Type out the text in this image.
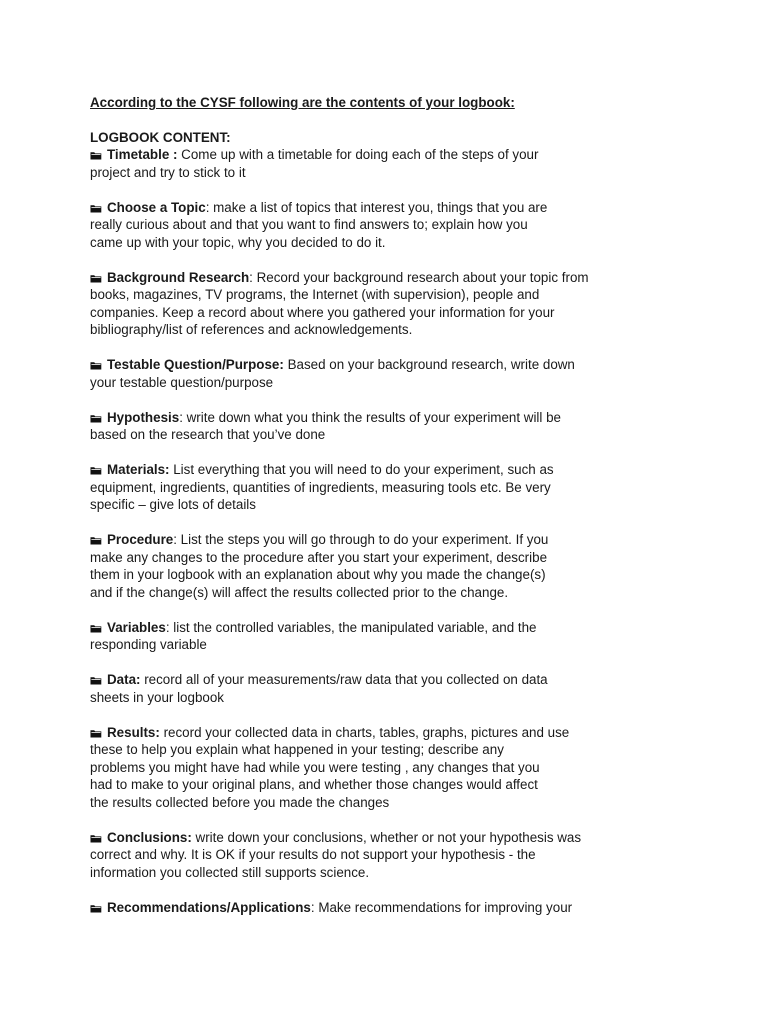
According to the CYSF following are the contents of your logbook:

LOGBOOK CONTENT:

Timetable : Come up with a timetable for doing each of the steps of your
project and try to stick to it
Choose a Topic: make a list of topics that interest you, things that you are
really curious about and that you want to find answers to; explain how you
came up with your topic, why you decided to do it.
Background Research: Record your background research about your topic from
books, magazines, TV programs, the Internet (with supervision), people and
companies. Keep a record about where you gathered your information for your
bibliography/list of references and acknowledgements.
Testable Question/Purpose: Based on your background research, write down
your testable question/purpose
Hypothesis: write down what you think the results of your experiment will be
based on the research that you’ve done
Materials: List everything that you will need to do your experiment, such as
equipment, ingredients, quantities of ingredients, measuring tools etc. Be very
specific – give lots of details
Procedure: List the steps you will go through to do your experiment. If you
make any changes to the procedure after you start your experiment, describe
them in your logbook with an explanation about why you made the change(s)
and if the change(s) will affect the results collected prior to the change.
Variables: list the controlled variables, the manipulated variable, and the
responding variable
Data: record all of your measurements/raw data that you collected on data
sheets in your logbook
Results: record your collected data in charts, tables, graphs, pictures and use
these to help you explain what happened in your testing; describe any
problems you might have had while you were testing , any changes that you
had to make to your original plans, and whether those changes would affect
the results collected before you made the changes
Conclusions: write down your conclusions, whether or not your hypothesis was
correct and why. It is OK if your results do not support your hypothesis - the
information you collected still supports science.
Recommendations/Applications: Make recommendations for improving your
